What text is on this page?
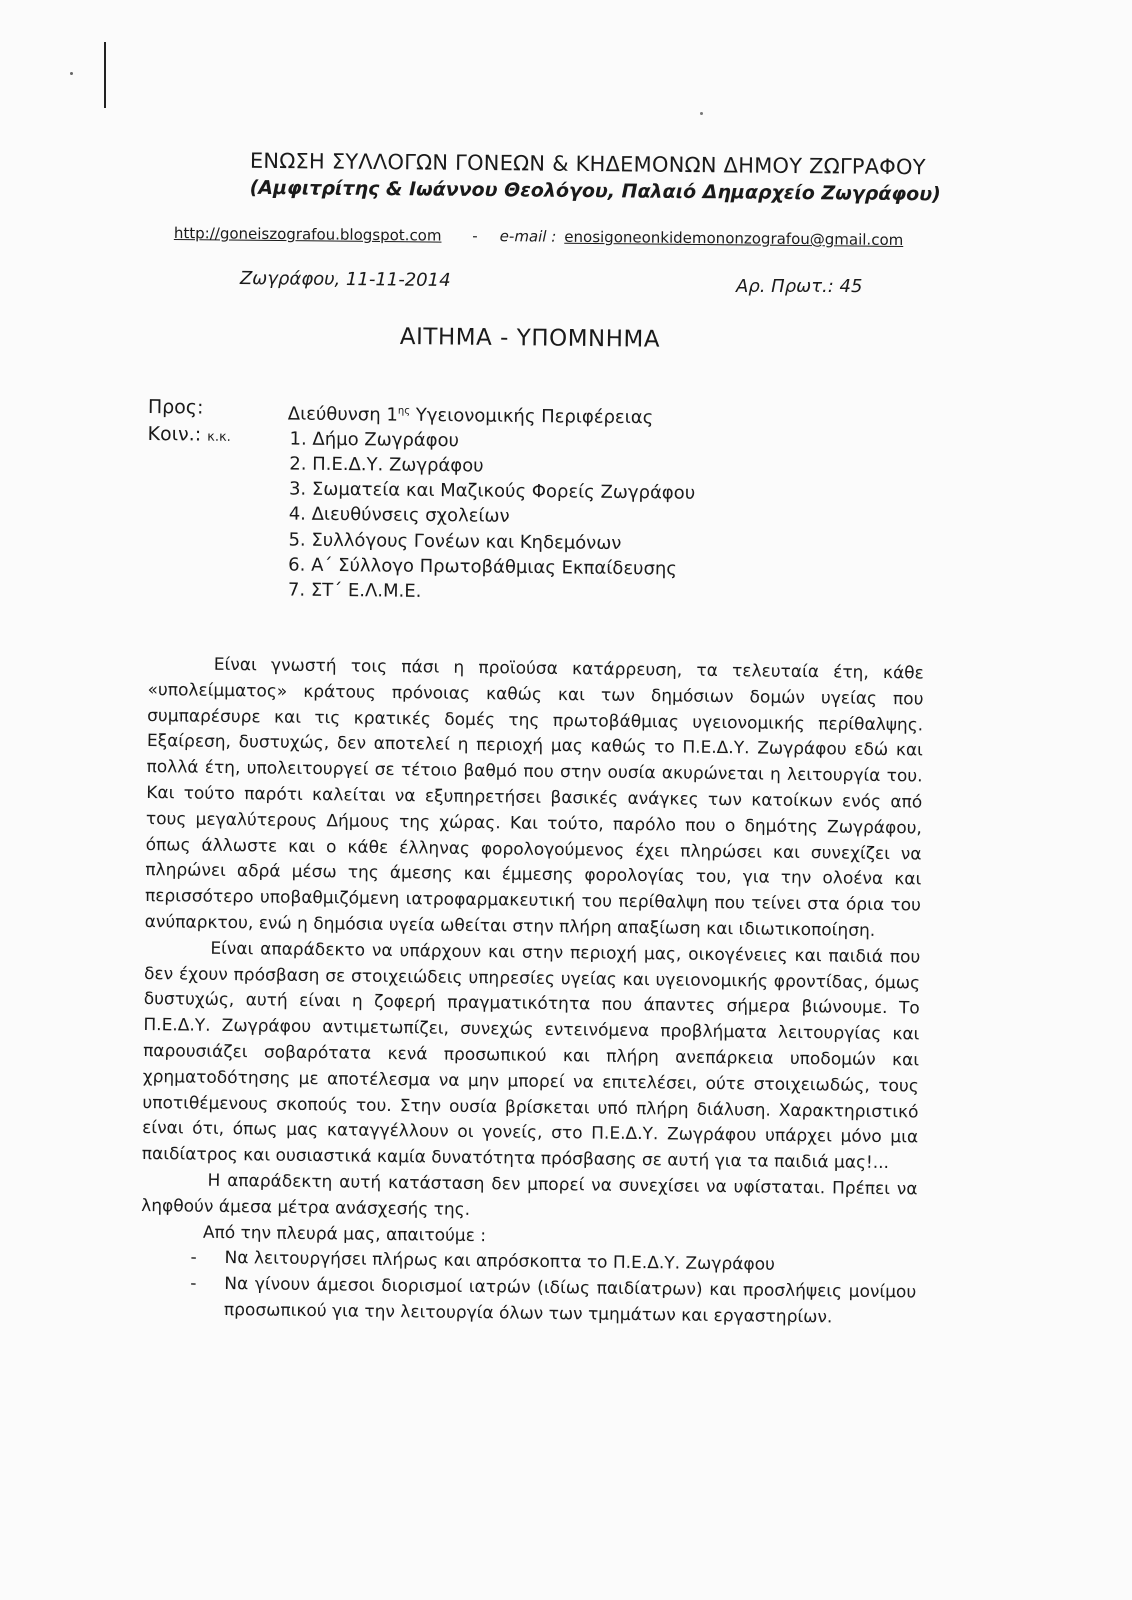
ΕΝΩΣΗ ΣΥΛΛΟΓΩΝ ΓΟΝΕΩΝ & ΚΗΔΕΜΟΝΩΝ ΔΗΜΟΥ ΖΩΓΡΑΦΟΥ
(Αμφιτρίτης & Ιωάννου Θεολόγου, Παλαιό Δημαρχείο Ζωγράφου)
http://goneiszografou.blogspot.com - e-mail : enosigoneonkidemononzografou@gmail.com
Ζωγράφου, 11-11-2014	Αρ. Πρωτ.: 45
ΑΙΤΗΜΑ - ΥΠΟΜΝΗΜΑ
Προς:	Διεύθυνση $1^{\eta\varsigma}$ Υγειονομικής Περιφέρειας
Κοιν.: κ.κ.	1. Δήμο Ζωγράφου
2. Π.Ε.Δ.Υ. Ζωγράφου
3. Σωματεία και Μαζικούς Φορείς Ζωγράφου
4. Διευθύνσεις σχολείων
5. Συλλόγους Γονέων και Κηδεμόνων
6. Α΄ Σύλλογο Πρωτοβάθμιας Εκπαίδευσης
7. ΣΤ΄ Ε.Λ.Μ.Ε.

Είναι γνωστή τοις πάσι η προϊούσα κατάρρευση, τα τελευταία έτη, κάθε «υπολείμματος» κράτους πρόνοιας καθώς και των δημόσιων δομών υγείας που συμπαρέσυρε και τις κρατικές δομές της πρωτοβάθμιας υγειονομικής περίθαλψης. Εξαίρεση, δυστυχώς, δεν αποτελεί η περιοχή μας καθώς το Π.Ε.Δ.Υ. Ζωγράφου εδώ και πολλά έτη, υπολειτουργεί σε τέτοιο βαθμό που στην ουσία ακυρώνεται η λειτουργία του. Και τούτο παρότι καλείται να εξυπηρετήσει βασικές ανάγκες των κατοίκων ενός από τους μεγαλύτερους Δήμους της χώρας. Και τούτο, παρόλο που ο δημότης Ζωγράφου, όπως άλλωστε και ο κάθε έλληνας φορολογούμενος έχει πληρώσει και συνεχίζει να πληρώνει αδρά μέσω της άμεσης και έμμεσης φορολογίας του, για την ολοένα και περισσότερο υποβαθμιζόμενη ιατροφαρμακευτική του περίθαλψη που τείνει στα όρια του ανύπαρκτου, ενώ η δημόσια υγεία ωθείται στην πλήρη απαξίωση και ιδιωτικοποίηση.

Είναι απαράδεκτο να υπάρχουν και στην περιοχή μας, οικογένειες και παιδιά που δεν έχουν πρόσβαση σε στοιχειώδεις υπηρεσίες υγείας και υγειονομικής φροντίδας, όμως δυστυχώς, αυτή είναι η ζοφερή πραγματικότητα που άπαντες σήμερα βιώνουμε. Το Π.Ε.Δ.Υ. Ζωγράφου αντιμετωπίζει, συνεχώς εντεινόμενα προβλήματα λειτουργίας και παρουσιάζει σοβαρότατα κενά προσωπικού και πλήρη ανεπάρκεια υποδομών και χρηματοδότησης με αποτέλεσμα να μην μπορεί να επιτελέσει, ούτε στοιχειωδώς, τους υποτιθέμενους σκοπούς του. Στην ουσία βρίσκεται υπό πλήρη διάλυση. Χαρακτηριστικό είναι ότι, όπως μας καταγγέλλουν οι γονείς, στο Π.Ε.Δ.Υ. Ζωγράφου υπάρχει μόνο μια παιδίατρος και ουσιαστικά καμία δυνατότητα πρόσβασης σε αυτή για τα παιδιά μας!...

Η απαράδεκτη αυτή κατάσταση δεν μπορεί να συνεχίσει να υφίσταται. Πρέπει να ληφθούν άμεσα μέτρα ανάσχεσής της.

Από την πλευρά μας, απαιτούμε :

- Να λειτουργήσει πλήρως και απρόσκοπτα το Π.Ε.Δ.Υ. Ζωγράφου
- Να γίνουν άμεσοι διορισμοί ιατρών (ιδίως παιδίατρων) και προσλήψεις μονίμου προσωπικού για την λειτουργία όλων των τμημάτων και εργαστηρίων.
